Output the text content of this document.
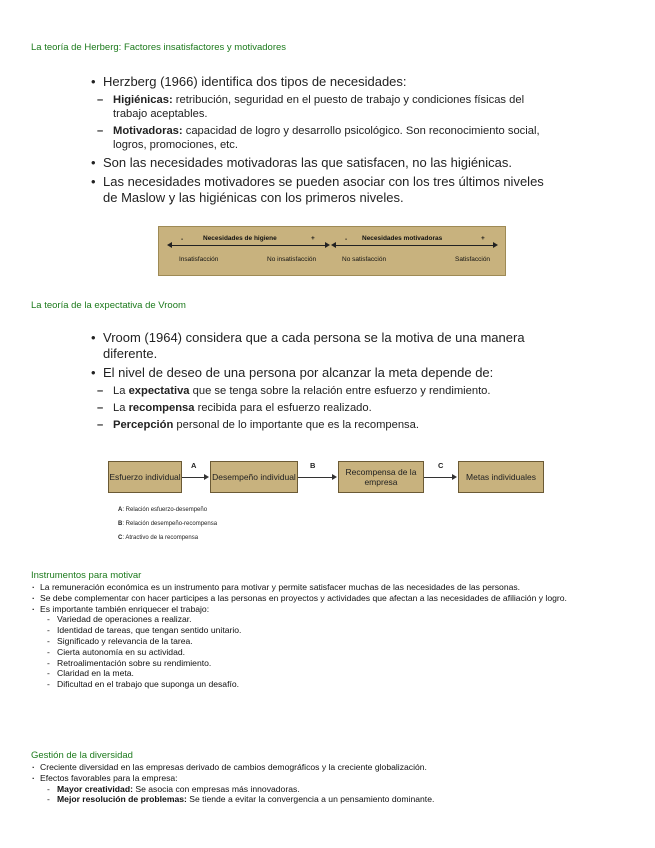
La teoría de Herberg: Factores insatisfactores y motivadores
• Herzberg (1966) identifica dos tipos de necesidades:
– Higiénicas: retribución, seguridad en el puesto de trabajo y condiciones físicas del trabajo aceptables.
– Motivadoras: capacidad de logro y desarrollo psicológico. Son reconocimiento social, logros, promociones, etc.
• Son las necesidades motivadoras las que satisfacen, no las higiénicas.
• Las necesidades motivadores se pueden asociar con los tres últimos niveles de Maslow y las higiénicas con los primeros niveles.
-	Necesidades de higiene	+	- Necesidades motivadoras	+
Insatisfacción	No insatisfacción	No satisfacción	Satisfacción
La teoría de la expectativa de Vroom
• Vroom (1964) considera que a cada persona se la motiva de una manera diferente.
• El nivel de deseo de una persona por alcanzar la meta depende de:
– La expectativa que se tenga sobre la relación entre esfuerzo y rendimiento.
– La recompensa recibida para el esfuerzo realizado.
– Percepción personal de lo importante que es la recompensa.
Esfuerzo individual	Desempeño individual	Recompensa de la empresa	Metas individuales
A	B	C
A: Relación esfuerzo-desempeño
B: Relación desempeño-recompensa
C: Atractivo de la recompensa
Instrumentos para motivar
· La remuneración económica es un instrumento para motivar y permite satisfacer muchas de las necesidades de las personas.
· Se debe complementar con hacer participes a las personas en proyectos y actividades que afectan a las necesidades de afiliación y logro.
· Es importante también enriquecer el trabajo:
- Variedad de operaciones a realizar.
- Identidad de tareas, que tengan sentido unitario.
- Significado y relevancia de la tarea.
- Cierta autonomía en su actividad.
- Retroalimentación sobre su rendimiento.
- Claridad en la meta.
- Dificultad en el trabajo que suponga un desafío.
Gestión de la diversidad
· Creciente diversidad en las empresas derivado de cambios demográficos y la creciente globalización.
· Efectos favorables para la empresa:
- Mayor creatividad: Se asocia con empresas más innovadoras.
- Mejor resolución de problemas: Se tiende a evitar la convergencia a un pensamiento dominante.
